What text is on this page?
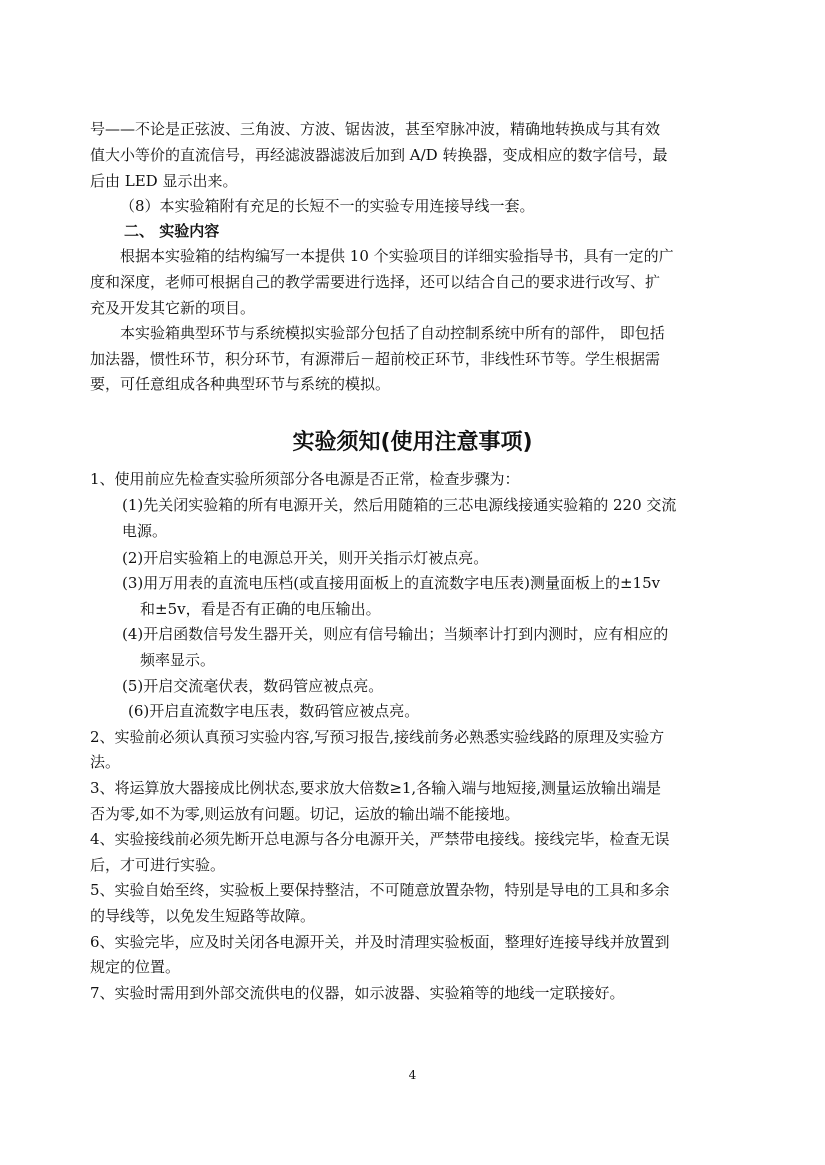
号——不论是正弦波、三角波、方波、锯齿波，甚至窄脉冲波，精确地转换成与其有效
值大小等价的直流信号，再经滤波器滤波后加到 A/D 转换器，变成相应的数字信号，最
后由 LED 显示出来。
（8）本实验箱附有充足的长短不一的实验专用连接导线一套。
二、 实验内容
根据本实验箱的结构编写一本提供 10 个实验项目的详细实验指导书，具有一定的广
度和深度，老师可根据自己的教学需要进行选择，还可以结合自己的要求进行改写、扩
充及开发其它新的项目。
本实验箱典型环节与系统模拟实验部分包括了自动控制系统中所有的部件， 即包括
加法器，惯性环节，积分环节，有源滞后－超前校正环节，非线性环节等。学生根据需
要，可任意组成各种典型环节与系统的模拟。
实验须知(使用注意事项)
1、使用前应先检查实验所须部分各电源是否正常，检查步骤为：
(1)先关闭实验箱的所有电源开关，然后用随箱的三芯电源线接通实验箱的 220 交流
电源。
(2)开启实验箱上的电源总开关，则开关指示灯被点亮。
(3)用万用表的直流电压档(或直接用面板上的直流数字电压表)测量面板上的±15v
和±5v，看是否有正确的电压输出。
(4)开启函数信号发生器开关，则应有信号输出；当频率计打到内测时，应有相应的
频率显示。
(5)开启交流毫伏表，数码管应被点亮。
(6)开启直流数字电压表，数码管应被点亮。
2、实验前必须认真预习实验内容,写预习报告,接线前务必熟悉实验线路的原理及实验方
法。
3、将运算放大器接成比例状态,要求放大倍数≥1,各输入端与地短接,测量运放输出端是
否为零,如不为零,则运放有问题。切记，运放的输出端不能接地。
4、实验接线前必须先断开总电源与各分电源开关，严禁带电接线。接线完毕，检查无误
后，才可进行实验。
5、实验自始至终，实验板上要保持整洁，不可随意放置杂物，特别是导电的工具和多余
的导线等，以免发生短路等故障。
6、实验完毕，应及时关闭各电源开关，并及时清理实验板面，整理好连接导线并放置到
规定的位置。
7、实验时需用到外部交流供电的仪器，如示波器、实验箱等的地线一定联接好。
4
